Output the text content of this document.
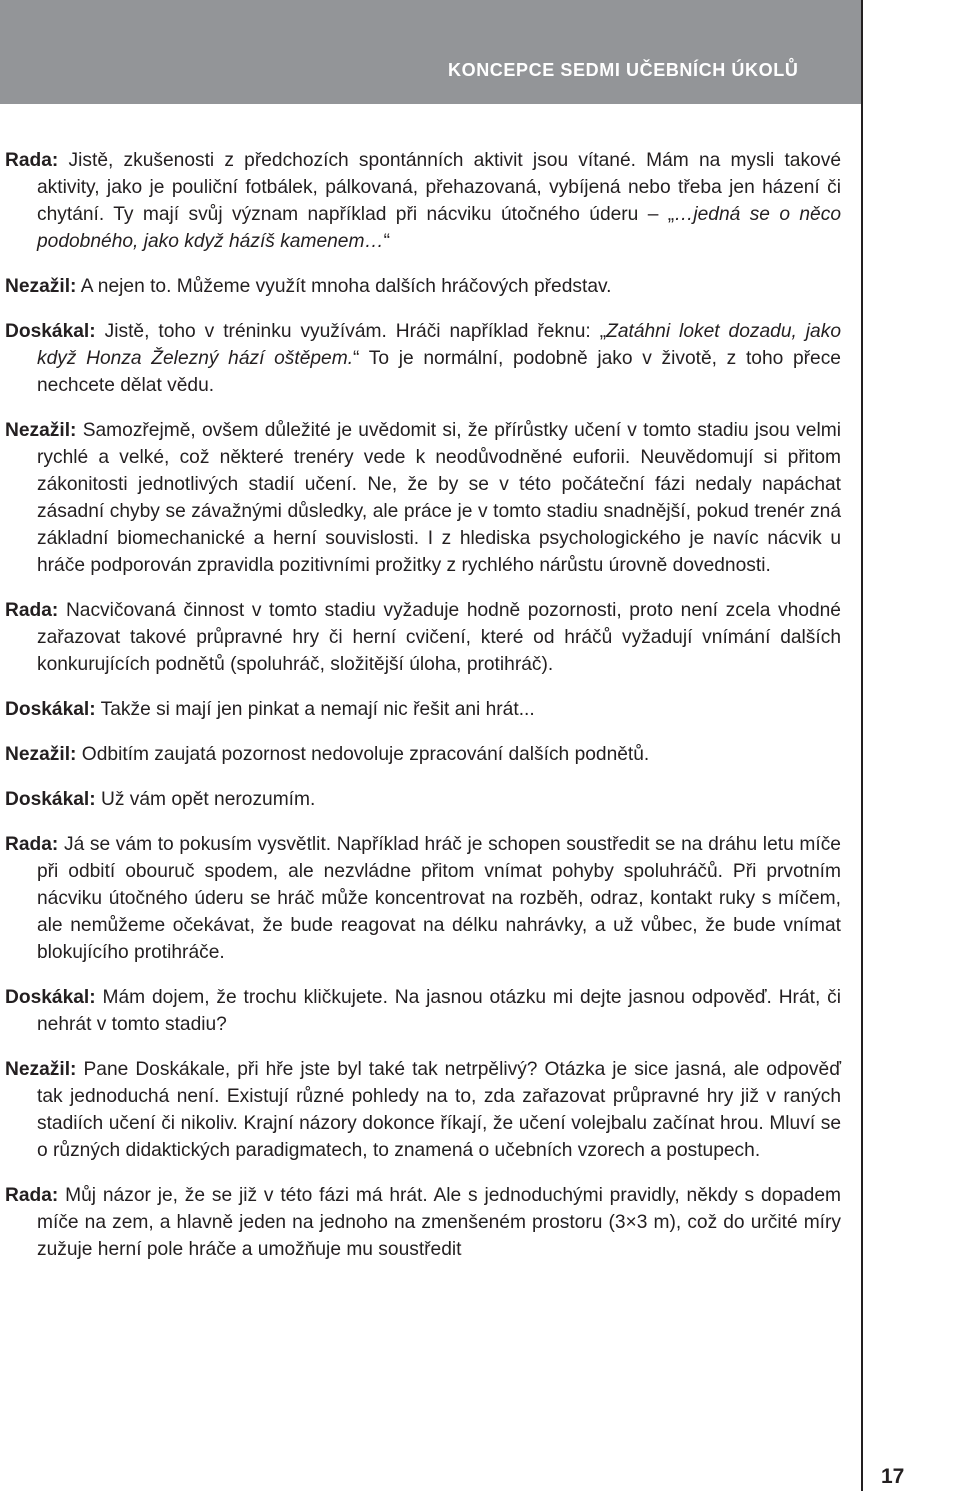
KONCEPCE SEDMI UČEBNÍCH ÚKOLŮ

Rada: Jistě, zkušenosti z předchozích spontánních aktivit jsou vítané. Mám na mysli takové aktivity, jako je pouliční fotbálek, pálkovaná, přehazovaná, vybíjená nebo třeba jen házení či chytání. Ty mají svůj význam například při nácviku útočného úderu – „…jedná se o něco podobného, jako když házíš kamenem…“

Nezažil: A nejen to. Můžeme využít mnoha dalších hráčových představ.

Doskákal: Jistě, toho v tréninku využívám. Hráči například řeknu: „Zatáhni loket dozadu, jako když Honza Železný hází oštěpem.“ To je normální, podobně jako v životě, z toho přece nechcete dělat vědu.

Nezažil: Samozřejmě, ovšem důležité je uvědomit si, že přírůstky učení v tomto stadiu jsou velmi rychlé a velké, což některé trenéry vede k neodůvodněné euforii. Neuvědomují si přitom zákonitosti jednotlivých stadií učení. Ne, že by se v této počáteční fázi nedaly napáchat zásadní chyby se závažnými důsledky, ale práce je v tomto stadiu snadnější, pokud trenér zná základní biomechanické a herní souvislosti. I z hlediska psychologického je navíc nácvik u hráče podporován zpravidla pozitivními prožitky z rychlého nárůstu úrovně dovednosti.

Rada: Nacvičovaná činnost v tomto stadiu vyžaduje hodně pozornosti, proto není zcela vhodné zařazovat takové průpravné hry či herní cvičení, které od hráčů vyžadují vnímání dalších konkurujících podnětů (spoluhráč, složitější úloha, protihráč).

Doskákal: Takže si mají jen pinkat a nemají nic řešit ani hrát...

Nezažil: Odbitím zaujatá pozornost nedovoluje zpracování dalších podnětů.

Doskákal: Už vám opět nerozumím.

Rada: Já se vám to pokusím vysvětlit. Například hráč je schopen soustředit se na dráhu letu míče při odbití obouruč spodem, ale nezvládne přitom vnímat pohyby spoluhráčů. Při prvotním nácviku útočného úderu se hráč může koncentrovat na rozběh, odraz, kontakt ruky s míčem, ale nemůžeme očekávat, že bude reagovat na délku nahrávky, a už vůbec, že bude vnímat blokujícího protihráče.

Doskákal: Mám dojem, že trochu kličkujete. Na jasnou otázku mi dejte jasnou odpověď. Hrát, či nehrát v tomto stadiu?

Nezažil: Pane Doskákale, při hře jste byl také tak netrpělivý? Otázka je sice jasná, ale odpověď tak jednoduchá není. Existují různé pohledy na to, zda zařazovat průpravné hry již v raných stadiích učení či nikoliv. Krajní názory dokonce říkají, že učení volejbalu začínat hrou. Mluví se o různých didaktických paradigmatech, to znamená o učebních vzorech a postupech.

Rada: Můj názor je, že se již v této fázi má hrát. Ale s jednoduchými pravidly, někdy s dopadem míče na zem, a hlavně jeden na jednoho na zmenšeném prostoru (3×3 m), což do určité míry zužuje herní pole hráče a umožňuje mu soustředit

17
